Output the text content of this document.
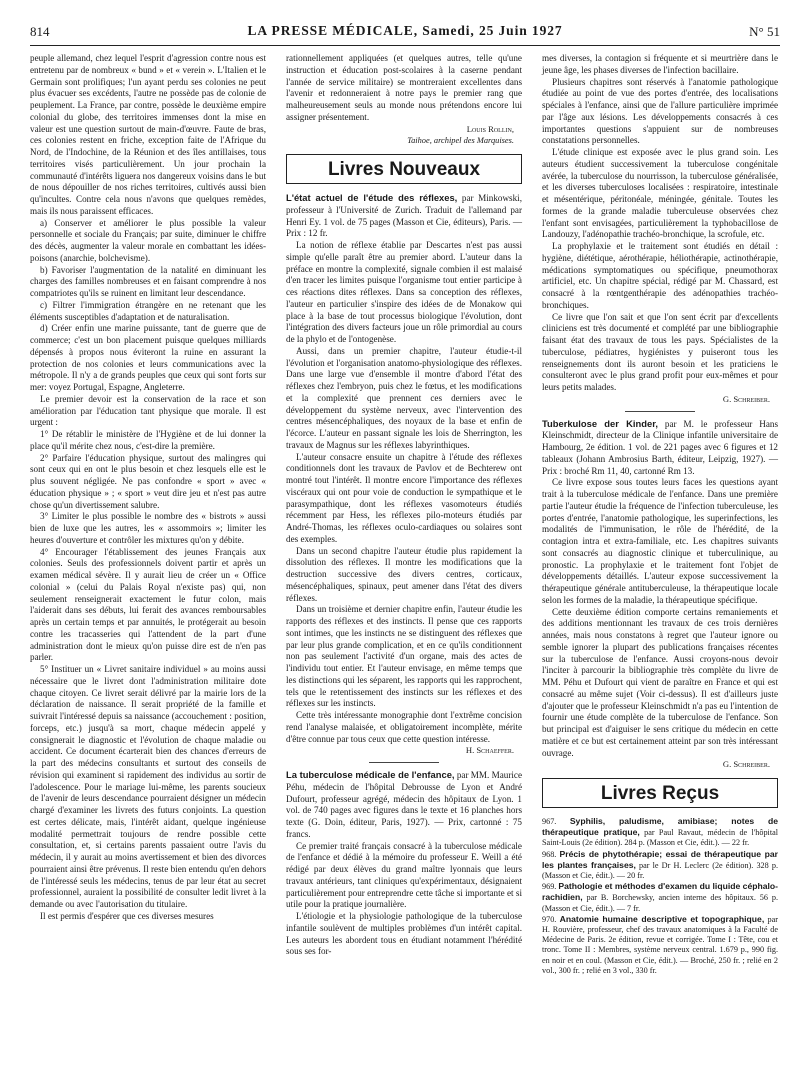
814	LA PRESSE MÉDICALE, Samedi, 25 Juin 1927	N° 51

peuple allemand, chez lequel l'esprit d'agression contre nous est entretenu par de nombreux « bund » et « verein ». L'Italien et le Germain sont prolifiques; l'un ayant perdu ses colonies ne peut plus évacuer ses excédents, l'autre ne possède pas de colonie de peuplement. La France, par contre, possède le deuxième empire colonial du globe, des territoires immenses dont la mise en valeur est une question surtout de main-d'œuvre. Faute de bras, ces colonies restent en friche, exception faite de l'Afrique du Nord, de l'Indochine, de la Réunion et des îles antillaises, tous territoires visés particulièrement. Un jour prochain la communauté d'intérêts liguera nos dangereux voisins dans le but de nous dépouiller de nos riches territoires, cultivés aussi bien qu'incultes. Contre cela nous n'avons que quelques remèdes, mais ils nous paraissent efficaces.

a) Conserver et améliorer le plus possible la valeur personnelle et sociale du Français; par suite, diminuer le chiffre des décès, augmenter la valeur morale en combattant les idées-poisons (anarchie, bolchevisme).

b) Favoriser l'augmentation de la natalité en diminuant les charges des familles nombreuses et en faisant comprendre à nos compatriotes qu'ils se ruinent en limitant leur descendance.

c) Filtrer l'immigration étrangère en ne retenant que les éléments susceptibles d'adaptation et de naturalisation.

d) Créer enfin une marine puissante, tant de guerre que de commerce; c'est un bon placement puisque quelques milliards dépensés à propos nous éviteront la ruine en assurant la protection de nos colonies et leurs communications avec la métropole. Il n'y a de grands peuples que ceux qui sont forts sur mer: voyez Portugal, Espagne, Angleterre.

Le premier devoir est la conservation de la race et son amélioration par l'éducation tant physique que morale. Il est urgent :

1° De rétablir le ministère de l'Hygiène et de lui donner la place qu'il mérite chez nous, c'est-dire la première.

2° Parfaire l'éducation physique, surtout des malingres qui sont ceux qui en ont le plus besoin et chez lesquels elle est le plus souvent négligée. Ne pas confondre « sport » avec « éducation physique » ; « sport » veut dire jeu et n'est pas autre chose qu'un divertissement salubre.

3° Limiter le plus possible le nombre des « bistrots » aussi bien de luxe que les autres, les « assommoirs »; limiter les heures d'ouverture et contrôler les mixtures qu'on y débite.

4° Encourager l'établissement des jeunes Français aux colonies. Seuls des professionnels doivent partir et après un examen médical sévère. Il y aurait lieu de créer un « Office colonial » (celui du Palais Royal n'existe pas) qui, non seulement renseignerait exactement le futur colon, mais l'aiderait dans ses débuts, lui ferait des avances remboursables après un certain temps et par annuités, le protégerait au besoin contre les tracasseries qui l'attendent de la part d'une administration dont le mieux qu'on puisse dire est de n'en pas parler.

5° Instituer un « Livret sanitaire individuel » au moins aussi nécessaire que le livret dont l'administration militaire dote chaque citoyen. Ce livret serait délivré par la mairie lors de la déclaration de naissance. Il serait propriété de la famille et suivrait l'intéressé depuis sa naissance (accouchement : position, forceps, etc.) jusqu'à sa mort, chaque médecin appelé y consignerait le diagnostic et l'évolution de chaque maladie ou accident. Ce document écarterait bien des chances d'erreurs de la part des médecins consultants et surtout des conseils de révision qui examinent si rapidement des individus au sortir de l'adolescence. Pour le mariage lui-même, les parents soucieux de l'avenir de leurs descendance pourraient désigner un médecin chargé d'examiner les livrets des futurs conjoints. La question est certes délicate, mais, l'intérêt aidant, quelque ingénieuse modalité permettrait toujours de rendre possible cette consultation, et, si certains parents passaient outre l'avis du médecin, il y aurait au moins avertissement et bien des divorces pourraient ainsi être prévenus. Il reste bien entendu qu'en dehors de l'intéressé seuls les médecins, tenus de par leur état au secret professionnel, auraient la possibilité de consulter ledit livret à la demande ou avec l'autorisation du titulaire.

Il est permis d'espérer que ces diverses mesures

rationnellement appliquées (et quelques autres, telle qu'une instruction et éducation post-scolaires à la caserne pendant l'année de service militaire) se montreraient excellentes dans l'avenir et redonneraient à notre pays le premier rang que malheureusement seuls au monde nous prétendons encore lui assigner présentement.

Louis Rollin,

Taihoe, archipel des Marquises.

Livres Nouveaux

L'état actuel de l'étude des réflexes, par Minkowski, professeur à l'Université de Zurich. Traduit de l'allemand par Henri Ey. 1 vol. de 75 pages (Masson et Cie, éditeurs), Paris. — Prix : 12 fr.

La notion de réflexe établie par Descartes n'est pas aussi simple qu'elle paraît être au premier abord. L'auteur dans la préface en montre la complexité, signale combien il est malaisé d'en tracer les limites puisque l'organisme tout entier participe à ces réactions dites réflexes. Dans sa conception des réflexes, l'auteur en particulier s'inspire des idées de de Monakow qui place à la base de tout processus biologique l'évolution, dont l'intégration des divers facteurs joue un rôle primordial au cours de la phylo et de l'ontogenèse.

Aussi, dans un premier chapitre, l'auteur étudie-t-il l'évolution et l'organisation anatomo-physiologique des réflexes. Dans une large vue d'ensemble il montre d'abord l'état des réflexes chez l'embryon, puis chez le fœtus, et les modifications et la complexité que prennent ces derniers avec le développement du système nerveux, avec l'intervention des centres mésencéphaliques, des noyaux de la base et enfin de l'écorce. L'auteur en passant signale les lois de Sherrington, les travaux de Magnus sur les réflexes labyrinthiques.

L'auteur consacre ensuite un chapitre à l'étude des réflexes conditionnels dont les travaux de Pavlov et de Bechterew ont montré tout l'intérêt. Il montre encore l'importance des réflexes viscéraux qui ont pour voie de conduction le sympathique et le parasympathique, dont les réflexes vasomoteurs étudiés récemment par Hess, les réflexes pilo-moteurs étudiés par André-Thomas, les réflexes oculo-cardiaques ou solaires sont des exemples.

Dans un second chapitre l'auteur étudie plus rapidement la dissolution des réflexes. Il montre les modifications que la destruction successive des divers centres, corticaux, mésencéphaliques, spinaux, peut amener dans l'état des divers réflexes.

Dans un troisième et dernier chapitre enfin, l'auteur étudie les rapports des réflexes et des instincts. Il pense que ces rapports sont intimes, que les instincts ne se distinguent des réflexes que par leur plus grande complication, et en ce qu'ils conditionnent non pas seulement l'activité d'un organe, mais des actes de l'individu tout entier. Et l'auteur envisage, en même temps que les distinctions qui les séparent, les rapports qui les rapprochent, tels que le retentissement des instincts sur les réflexes et des réflexes sur les instincts.

Cette très intéressante monographie dont l'extrême concision rend l'analyse malaisée, et obligatoirement incomplète, mérite d'être connue par tous ceux que cette question intéresse.

H. Schaeffer.

La tuberculose médicale de l'enfance, par MM. Maurice Péhu, médecin de l'hôpital Debrousse de Lyon et André Dufourt, professeur agrégé, médecin des hôpitaux de Lyon. 1 vol. de 740 pages avec figures dans le texte et 16 planches hors texte (G. Doin, éditeur, Paris, 1927). — Prix, cartonné : 75 francs.

Ce premier traité français consacré à la tuberculose médicale de l'enfance et dédié à la mémoire du professeur E. Weill a été rédigé par deux élèves du grand maître lyonnais que leurs travaux antérieurs, tant cliniques qu'expérimentaux, désignaient particulièrement pour entreprendre cette tâche si importante et si utile pour la pratique journalière.

L'étiologie et la physiologie pathologique de la tuberculose infantile soulèvent de multiples problèmes d'un intérêt capital. Les auteurs les abordent tous en étudiant notamment l'hérédité sous ses for-

mes diverses, la contagion si fréquente et si meurtrière dans le jeune âge, les phases diverses de l'infection bacillaire.

Plusieurs chapitres sont réservés à l'anatomie pathologique étudiée au point de vue des portes d'entrée, des localisations spéciales à l'enfance, ainsi que de l'allure particulière imprimée par l'âge aux lésions. Les développements consacrés à ces importantes questions s'appuient sur de nombreuses constatations personnelles.

L'étude clinique est exposée avec le plus grand soin. Les auteurs étudient successivement la tuberculose congénitale avérée, la tuberculose du nourrisson, la tuberculose généralisée, et les diverses tuberculoses localisées : respiratoire, intestinale et mésentérique, péritonéale, méningée, génitale. Toutes les formes de la grande maladie tuberculeuse observées chez l'enfant sont envisagées, particulièrement la typhobacillose de Landouzy, l'adénopathie trachéo-bronchique, la scrofule, etc.

La prophylaxie et le traitement sont étudiés en détail : hygiène, diététique, aérothérapie, héliothérapie, actinothérapie, médications symptomatiques ou spécifique, pneumothorax artificiel, etc. Un chapitre spécial, rédigé par M. Chassard, est consacré à la rœntgenthérapie des adénopathies trachéo-bronchiques.

Ce livre que l'on sait et que l'on sent écrit par d'excellents cliniciens est très documenté et complété par une bibliographie faisant état des travaux de tous les pays. Spécialistes de la tuberculose, pédiatres, hygiénistes y puiseront tous les renseignements dont ils auront besoin et les praticiens le consulteront avec le plus grand profit pour eux-mêmes et pour leurs petits malades.

G. Schreiber.

Tuberkulose der Kinder, par M. le professeur Hans Kleinschmidt, directeur de la Clinique infantile universitaire de Hambourg, 2e édition. 1 vol. de 221 pages avec 6 figures et 12 tableaux (Johann Ambrosius Barth, éditeur, Leipzig, 1927). — Prix : broché Rm 11, 40, cartonné Rm 13.

Ce livre expose sous toutes leurs faces les questions ayant trait à la tuberculose médicale de l'enfance. Dans une première partie l'auteur étudie la fréquence de l'infection tuberculeuse, les portes d'entrée, l'anatomie pathologique, les superinfections, les modalités de l'immunisation, le rôle de l'hérédité, de la contagion intra et extra-familiale, etc. Les chapitres suivants sont consacrés au diagnostic clinique et tuberculinique, au pronostic. La prophylaxie et le traitement font l'objet de développements détaillés. L'auteur expose successivement la thérapeutique générale antituberculeuse, la thérapeutique locale selon les formes de la maladie, la thérapeutique spécifique.

Cette deuxième édition comporte certains remaniements et des additions mentionnant les travaux de ces trois dernières années, mais nous constatons à regret que l'auteur ignore ou semble ignorer la plupart des publications françaises récentes sur la tuberculose de l'enfance. Aussi croyons-nous devoir l'inciter à parcourir la bibliographie très complète du livre de MM. Péhu et Dufourt qui vient de paraître en France et qui est consacré au même sujet (Voir ci-dessus). Il est d'ailleurs juste d'ajouter que le professeur Kleinschmidt n'a pas eu l'intention de fournir une étude complète de la tuberculose de l'enfance. Son but principal est d'aiguiser le sens critique du médecin en cette matière et ce but est certainement atteint par son très intéressant ouvrage.

G. Schreiber.

Livres Reçus

967. Syphilis, paludisme, amibiase; notes de thérapeutique pratique, par Paul Ravaut, médecin de l'hôpital Saint-Louis (2e édition). 284 p. (Masson et Cie, édit.). — 22 fr.

968. Précis de phytothérapie; essai de thérapeutique par les plantes françaises, par le Dr H. Leclerc (2e édition). 328 p. (Masson et Cie, édit.). — 20 fr.

969. Pathologie et méthodes d'examen du liquide céphalo-rachidien, par B. Borchewsky, ancien interne des hôpitaux. 56 p. (Masson et Cie, édit.). — 7 fr.

970. Anatomie humaine descriptive et topographique, par H. Rouvière, professeur, chef des travaux anatomiques à la Faculté de Médecine de Paris. 2e édition, revue et corrigée. Tome I : Tête, cou et tronc. Tome II : Membres, système nerveux central. 1.679 p., 990 fig. en noir et en coul. (Masson et Cie, édit.). — Broché, 250 fr. ; relié en 2 vol., 300 fr. ; relié en 3 vol., 330 fr.
